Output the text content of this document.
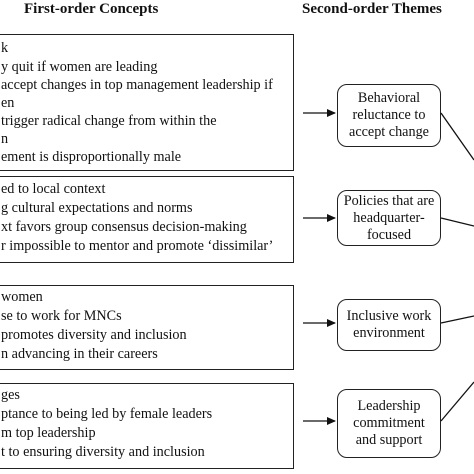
First-order Concepts	Second-order Themes
k
y quit if women are leading
accept changes in top management leadership if
en
trigger radical change from within the
n
ement is disproportionally male
ed to local context
g cultural expectations and norms
xt favors group consensus decision-making
r impossible to mentor and promote ‘dissimilar’
women
se to work for MNCs
promotes diversity and inclusion
n advancing in their careers
ges
ptance to being led by female leaders
m top leadership
t to ensuring diversity and inclusion
Behavioral
reluctance to
accept change
Policies that are
headquarter-
focused
Inclusive work
environment
Leadership
commitment
and support
